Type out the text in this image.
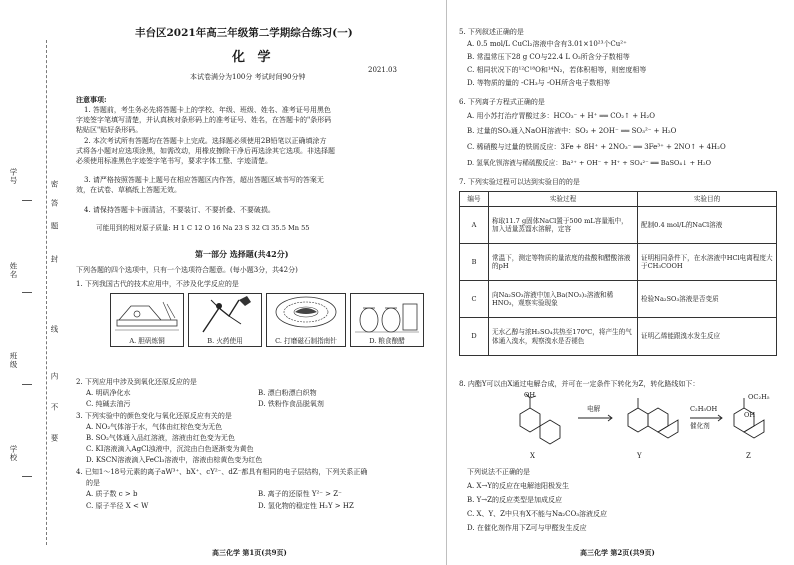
学号
姓名
班级
学校
密
封
线
内
不
要
答
题
丰台区2021年高三年级第二学期综合练习(一)
化 学
本试卷满分为100分 考试时间90分钟
2021.03
注意事项:
1. 答题前，考生务必先将答题卡上的学校、年级、班级、姓名、准考证号用黑色
字迹签字笔填写清楚，并认真核对条形码上的准考证号、姓名，在答题卡的"条形码
粘贴区"贴好条形码。
2. 本次考试所有答题均在答题卡上完成。选择题必须使用2B铅笔以正确填涂方
式将各小题对应选项涂黑，如需改动，用橡皮擦除干净后再选涂其它选项。非选择题
必须使用标准黑色字迹签字笔书写，要求字体工整、字迹清楚。
3. 请严格按照答题卡上题号在相应答题区内作答，超出答题区域书写的答案无
效，在试卷、草稿纸上答题无效。
4. 请保持答题卡卡面清洁，不要装订、不要折叠、不要破损。
可能用到的相对原子质量: H 1 C 12 O 16 Na 23 S 32 Cl 35.5 Mn 55
第一部分 选择题(共42分)
下列各题的四个选项中，只有一个选项符合题意。(每小题3分，共42分)
1. 下列我国古代的技术应用中，不涉及化学反应的是
A. 胆矾炼铜	B. 火药使用	C. 打磨磁石制指南针	D. 粮食酿醋
2. 下列应用中涉及到氧化还原反应的是
A. 明矾净化水	B. 漂白粉漂白织物
C. 纯碱去油污	D. 铁粉作食品脱氧剂
3. 下列实验中的颜色变化与氧化还原反应有关的是
A. NO₂气体溶于水，气体由红棕色变为无色
B. SO₂气体通入品红溶液，溶液由红色变为无色
C. KI溶液滴入AgCl浊液中，沉淀由白色逐渐变为黄色
D. KSCN溶液滴入FeCl₃溶液中，溶液由棕黄色变为红色
4. 已知1～18号元素的离子aW³⁺、bX⁺、cY²⁻、dZ⁻都具有相同的电子层结构，下列关系正确
的是
A. 质子数 c > b	B. 离子的还原性 Y²⁻ > Z⁻
C. 原子半径 X < W	D. 氢化物的稳定性 H₂Y > HZ
高三化学 第1页(共9页)
5. 下列叙述正确的是
A. 0.5 mol/L CuCl₂溶液中含有3.01×10²³个Cu²⁺
B. 常温常压下28 g CO与22.4 L O₂所含分子数相等
C. 相同状况下的¹²C¹⁸O和¹⁴N₂，若体积相等，则密度相等
D. 等物质的量的 -CH₃与 -OH所含电子数相等
6. 下列离子方程式正确的是
A. 用小苏打治疗胃酸过多：HCO₃⁻ + H⁺ ══ CO₂↑ + H₂O
B. 过量的SO₂通入NaOH溶液中：SO₂ + 2OH⁻ ══ SO₃²⁻ + H₂O
C. 稀硝酸与过量的铁屑反应：3Fe + 8H⁺ + 2NO₃⁻ ══ 3Fe³⁺ + 2NO↑ + 4H₂O
D. 氢氧化钡溶液与稀硫酸反应：Ba²⁺ + OH⁻ + H⁺ + SO₄²⁻ ══ BaSO₄↓ + H₂O
7. 下列实验过程可以达到实验目的的是
编号	实验过程	实验目的
A	称取11.7 g固体NaCl置于500 mL容量瓶中，加入适量蒸馏水溶解，定容	配制0.4 mol/L的NaCl溶液
B	常温下，测定等物质的量浓度的盐酸和醋酸溶液的pH	证明相同条件下，在水溶液中HCl电离程度大于CH₃COOH
C	向Na₂SO₃溶液中加入Ba(NO₃)₂溶液和稀HNO₃，观察实验现象	检验Na₂SO₃溶液是否变质
D	无水乙醇与浓H₂SO₄共热至170℃，将产生的气体通入溴水，观察溴水是否褪色	证明乙烯能跟溴水发生反应
8. 内酯Y可以由X通过电解合成，并可在一定条件下转化为Z，转化路线如下：
OH
电解	C₂H₅OH
催化剂
OC₂H₅
OH
X	Y	Z
下列说法不正确的是
A. X→Y的反应在电解池阳极发生
B. Y→Z的反应类型是加成反应
C. X、Y、Z中只有X不能与Na₂CO₃溶液反应
D. 在催化剂作用下Z可与甲醛发生反应
高三化学 第2页(共9页)
